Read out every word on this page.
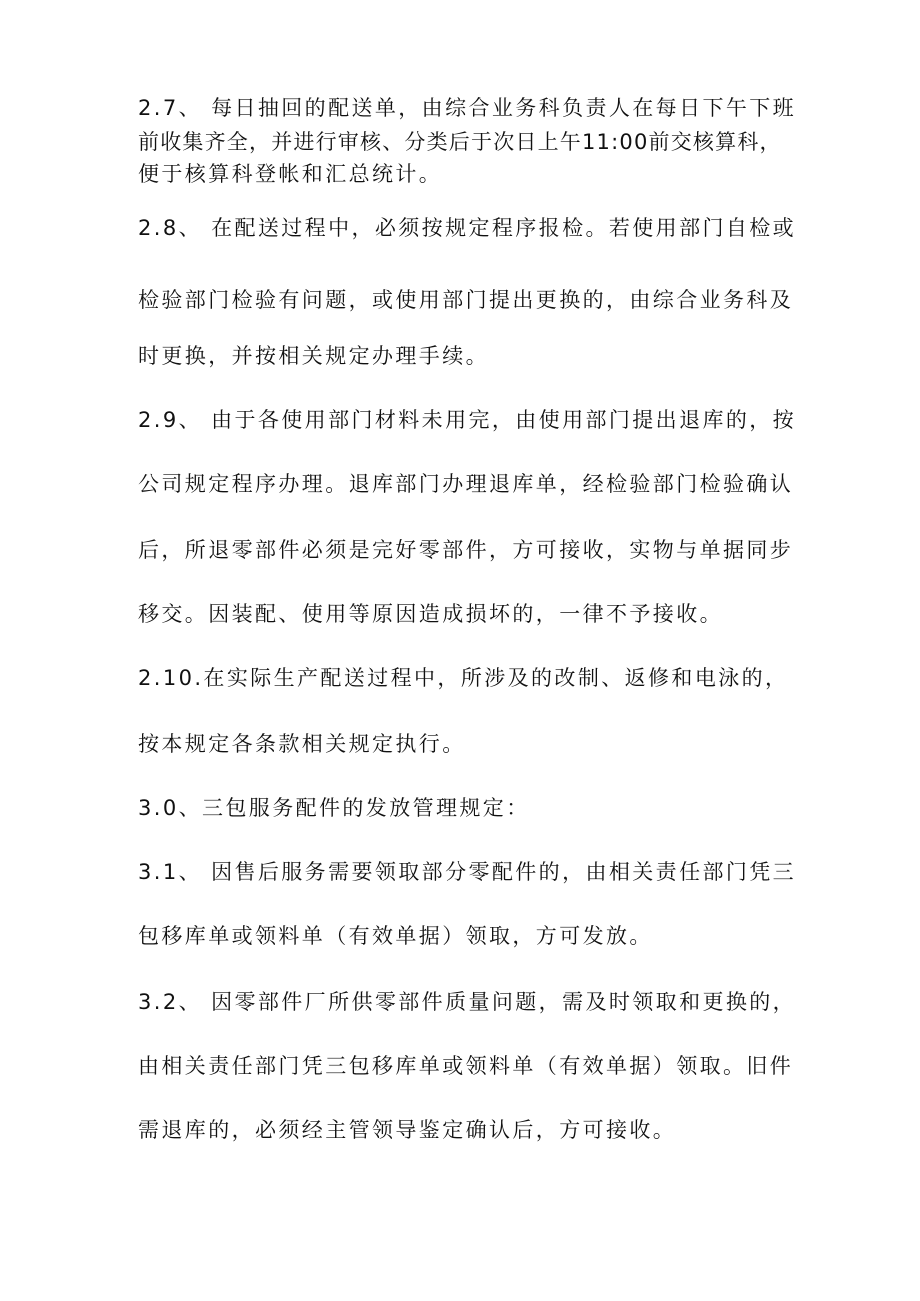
2.7、 每日抽回的配送单，由综合业务科负责人在每日下午下班
前收集齐全，并进行审核、分类后于次日上午11:00前交核算科，
便于核算科登帐和汇总统计。
2.8、 在配送过程中，必须按规定程序报检。若使用部门自检或
检验部门检验有问题，或使用部门提出更换的，由综合业务科及
时更换，并按相关规定办理手续。
2.9、 由于各使用部门材料未用完，由使用部门提出退库的，按
公司规定程序办理。退库部门办理退库单，经检验部门检验确认
后，所退零部件必须是完好零部件，方可接收，实物与单据同步
移交。因装配、使用等原因造成损坏的，一律不予接收。
2.10.在实际生产配送过程中，所涉及的改制、返修和电泳的，
按本规定各条款相关规定执行。
3.0、三包服务配件的发放管理规定：
3.1、 因售后服务需要领取部分零配件的，由相关责任部门凭三
包移库单或领料单（有效单据）领取，方可发放。
3.2、 因零部件厂所供零部件质量问题，需及时领取和更换的，
由相关责任部门凭三包移库单或领料单（有效单据）领取。旧件
需退库的，必须经主管领导鉴定确认后，方可接收。
